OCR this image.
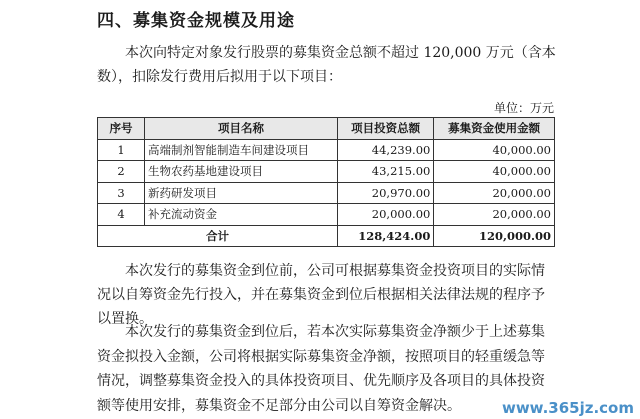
四、募集资金规模及用途

本次向特定对象发行股票的募集资金总额不超过 120,000 万元（含本数），扣除发行费用后拟用于以下项目：

单位：万元
序号	项目名称	项目投资总额	募集资金使用金额
1	高端制剂智能制造车间建设项目	44,239.00	40,000.00
2	生物农药基地建设项目	43,215.00	40,000.00
3	新药研发项目	20,970.00	20,000.00
4	补充流动资金	20,000.00	20,000.00
合计		128,424.00	120,000.00

本次发行的募集资金到位前，公司可根据募集资金投资项目的实际情况以自筹资金先行投入，并在募集资金到位后根据相关法律法规的程序予以置换。

本次发行的募集资金到位后，若本次实际募集资金净额少于上述募集资金拟投入金额，公司将根据实际募集资金净额，按照项目的轻重缓急等情况，调整募集资金投入的具体投资项目、优先顺序及各项目的具体投资额等使用安排，募集资金不足部分由公司以自筹资金解决。	www.365jz.com
